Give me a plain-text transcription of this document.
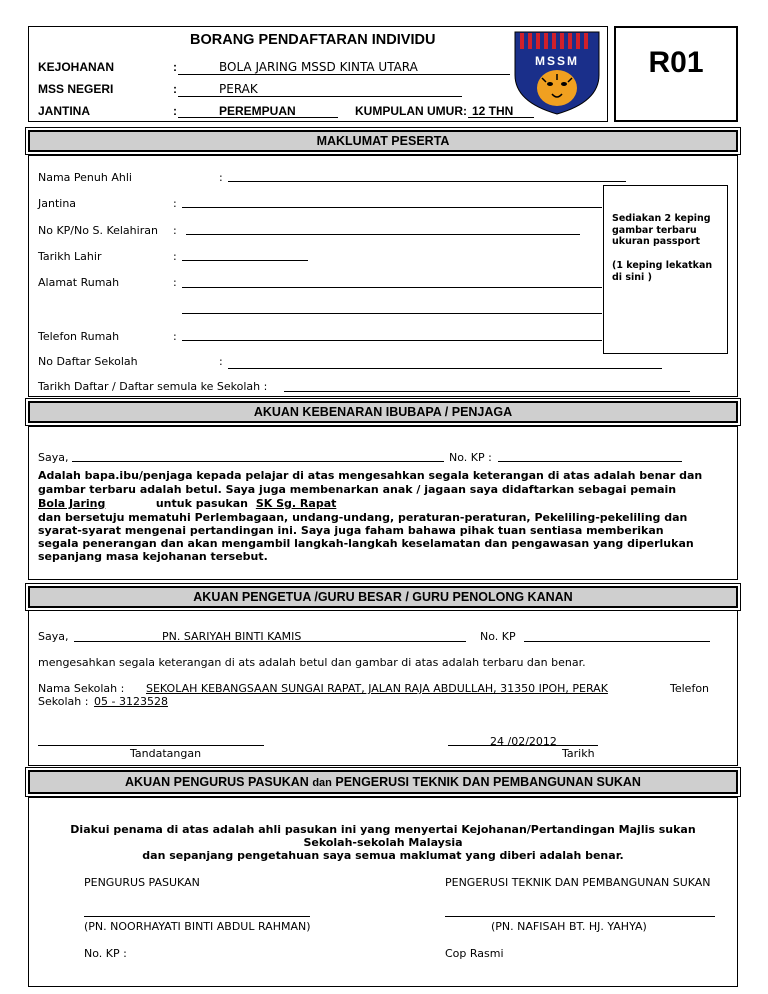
R01
BORANG PENDAFTARAN INDIVIDU
MSSM
KEJOHANAN	:	BOLA JARING MSSD KINTA UTARA
MSS NEGERI	:	PERAK
JANTINA	:	PEREMPUAN	KUMPULAN UMUR: 12 THN
MAKLUMAT PESERTA
Nama Penuh Ahli	:
Jantina	:
No KP/No S. Kelahiran :
Tarikh Lahir	:
Alamat Rumah	:
Telefon Rumah	:
No Daftar Sekolah	:
Tarikh Daftar / Daftar semula ke Sekolah :
Sediakan 2 keping gambar terbaru ukuran passport
(1 keping lekatkan di sini )
AKUAN KEBENARAN IBUBAPA / PENJAGA
Saya,	No. KP :
Adalah bapa.ibu/penjaga kepada pelajar di atas mengesahkan segala keterangan di atas adalah benar dan
gambar terbaru adalah betul. Saya juga membenarkan anak / jagaan saya didaftarkan sebagai pemain
Bola Jaring	untuk pasukan SK Sg. Rapat
dan bersetuju mematuhi Perlembagaan, undang-undang, peraturan-peraturan, Pekeliling-pekeliling dan
syarat-syarat mengenai pertandingan ini. Saya juga faham bahawa pihak tuan sentiasa memberikan
segala penerangan dan akan mengambil langkah-langkah keselamatan dan pengawasan yang diperlukan
sepanjang masa kejohanan tersebut.
AKUAN PENGETUA /GURU BESAR / GURU PENOLONG KANAN
Saya,	PN. SARIYAH BINTI KAMIS	No. KP
mengesahkan segala keterangan di ats adalah betul dan gambar di atas adalah terbaru dan benar.
Nama Sekolah : SEKOLAH KEBANGSAAN SUNGAI RAPAT, JALAN RAJA ABDULLAH, 31350 IPOH, PERAK	Telefon
Sekolah : 05 - 3123528
Tandatangan
24 /02/2012
Tarikh
AKUAN PENGURUS PASUKAN dan PENGERUSI TEKNIK DAN PEMBANGUNAN SUKAN
Diakui penama di atas adalah ahli pasukan ini yang menyertai Kejohanan/Pertandingan Majlis sukan
Sekolah-sekolah Malaysia
dan sepanjang pengetahuan saya semua maklumat yang diberi adalah benar.
PENGURUS PASUKAN	PENGERUSI TEKNIK DAN PEMBANGUNAN SUKAN
(PN. NOORHAYATI BINTI ABDUL RAHMAN)	(PN. NAFISAH BT. HJ. YAHYA)
No. KP :	Cop Rasmi
